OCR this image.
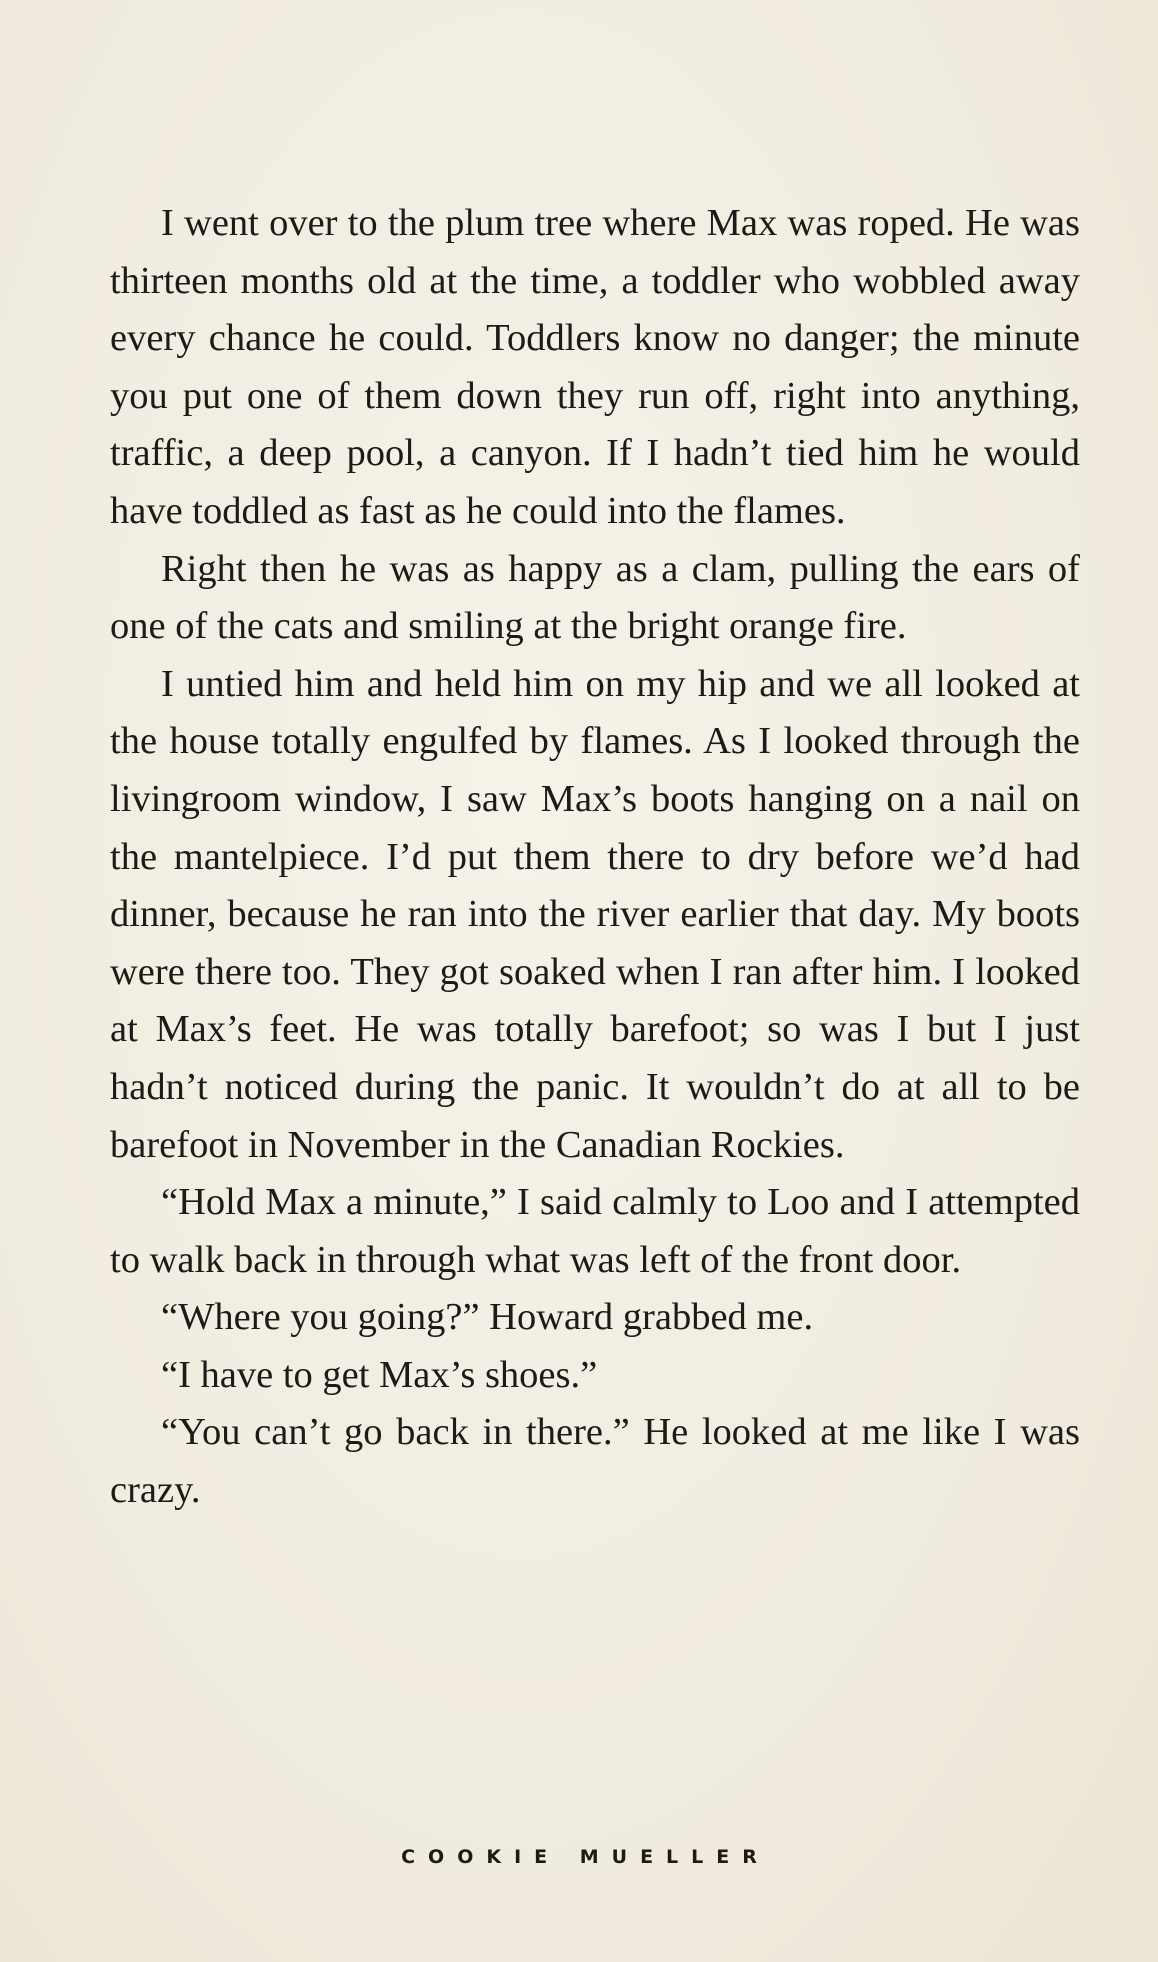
I went over to the plum tree where Max was roped. He was thirteen months old at the time, a toddler who wobbled away every chance he could. Toddlers know no danger; the minute you put one of them down they run off, right into anything, traffic, a deep pool, a canyon. If I hadn’t tied him he would have toddled as fast as he could into the flames.

Right then he was as happy as a clam, pulling the ears of one of the cats and smiling at the bright orange fire.

I untied him and held him on my hip and we all looked at the house totally engulfed by flames. As I looked through the livingroom window, I saw Max’s boots hanging on a nail on the mantelpiece. I’d put them there to dry before we’d had dinner, because he ran into the river earlier that day. My boots were there too. They got soaked when I ran after him. I looked at Max’s feet. He was totally barefoot; so was I but I just hadn’t noticed during the panic. It wouldn’t do at all to be barefoot in November in the Canadian Rockies.

“Hold Max a minute,” I said calmly to Loo and I attempted to walk back in through what was left of the front door.

“Where you going?” Howard grabbed me.

“I have to get Max’s shoes.”

“You can’t go back in there.” He looked at me like I was crazy.

COOKIE MUELLER
